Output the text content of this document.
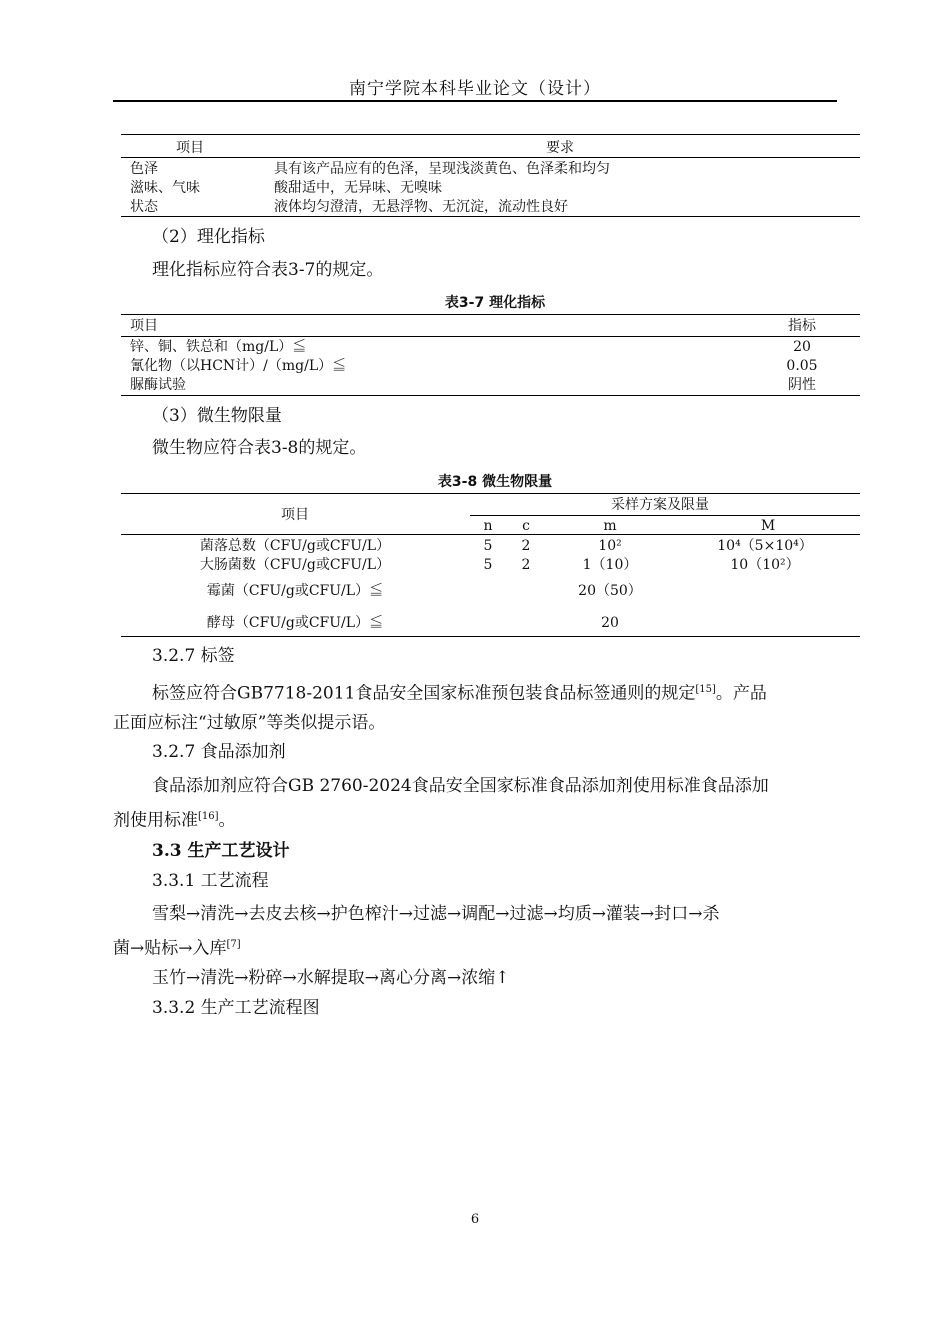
南宁学院本科毕业论文（设计）
项目	要求
色泽	具有该产品应有的色泽，呈现浅淡黄色、色泽柔和均匀
滋味、气味	酸甜适中，无异味、无嗅味
状态	液体均匀澄清，无悬浮物、无沉淀，流动性良好
（2）理化指标
理化指标应符合表3-7的规定。
表3-7 理化指标
项目	指标
锌、铜、铁总和（mg/L）≦	20
氰化物（以HCN计）/（mg/L）≦	0.05
脲酶试验	阴性
（3）微生物限量
微生物应符合表3-8的规定。
表3-8 微生物限量
项目
采样方案及限量
n	c	m	M
菌落总数（CFU/g或CFU/L）	5	2	10²	10⁴（5×10⁴）
大肠菌数（CFU/g或CFU/L）	5	2	1（10）	10（10²）
霉菌（CFU/g或CFU/L）≦	20（50）
酵母（CFU/g或CFU/L）≦	20
3.2.7 标签
标签应符合GB7718-2011食品安全国家标准预包装食品标签通则的规定[15]。产品
正面应标注“过敏原”等类似提示语。
3.2.7 食品添加剂
食品添加剂应符合GB 2760-2024食品安全国家标准食品添加剂使用标准食品添加
剂使用标准[16]。
3.3 生产工艺设计
3.3.1 工艺流程
雪梨→清洗→去皮去核→护色榨汁→过滤→调配→过滤→均质→灌装→封口→杀
菌→贴标→入库[7]
玉竹→清洗→粉碎→水解提取→离心分离→浓缩↑
3.3.2 生产工艺流程图
6
